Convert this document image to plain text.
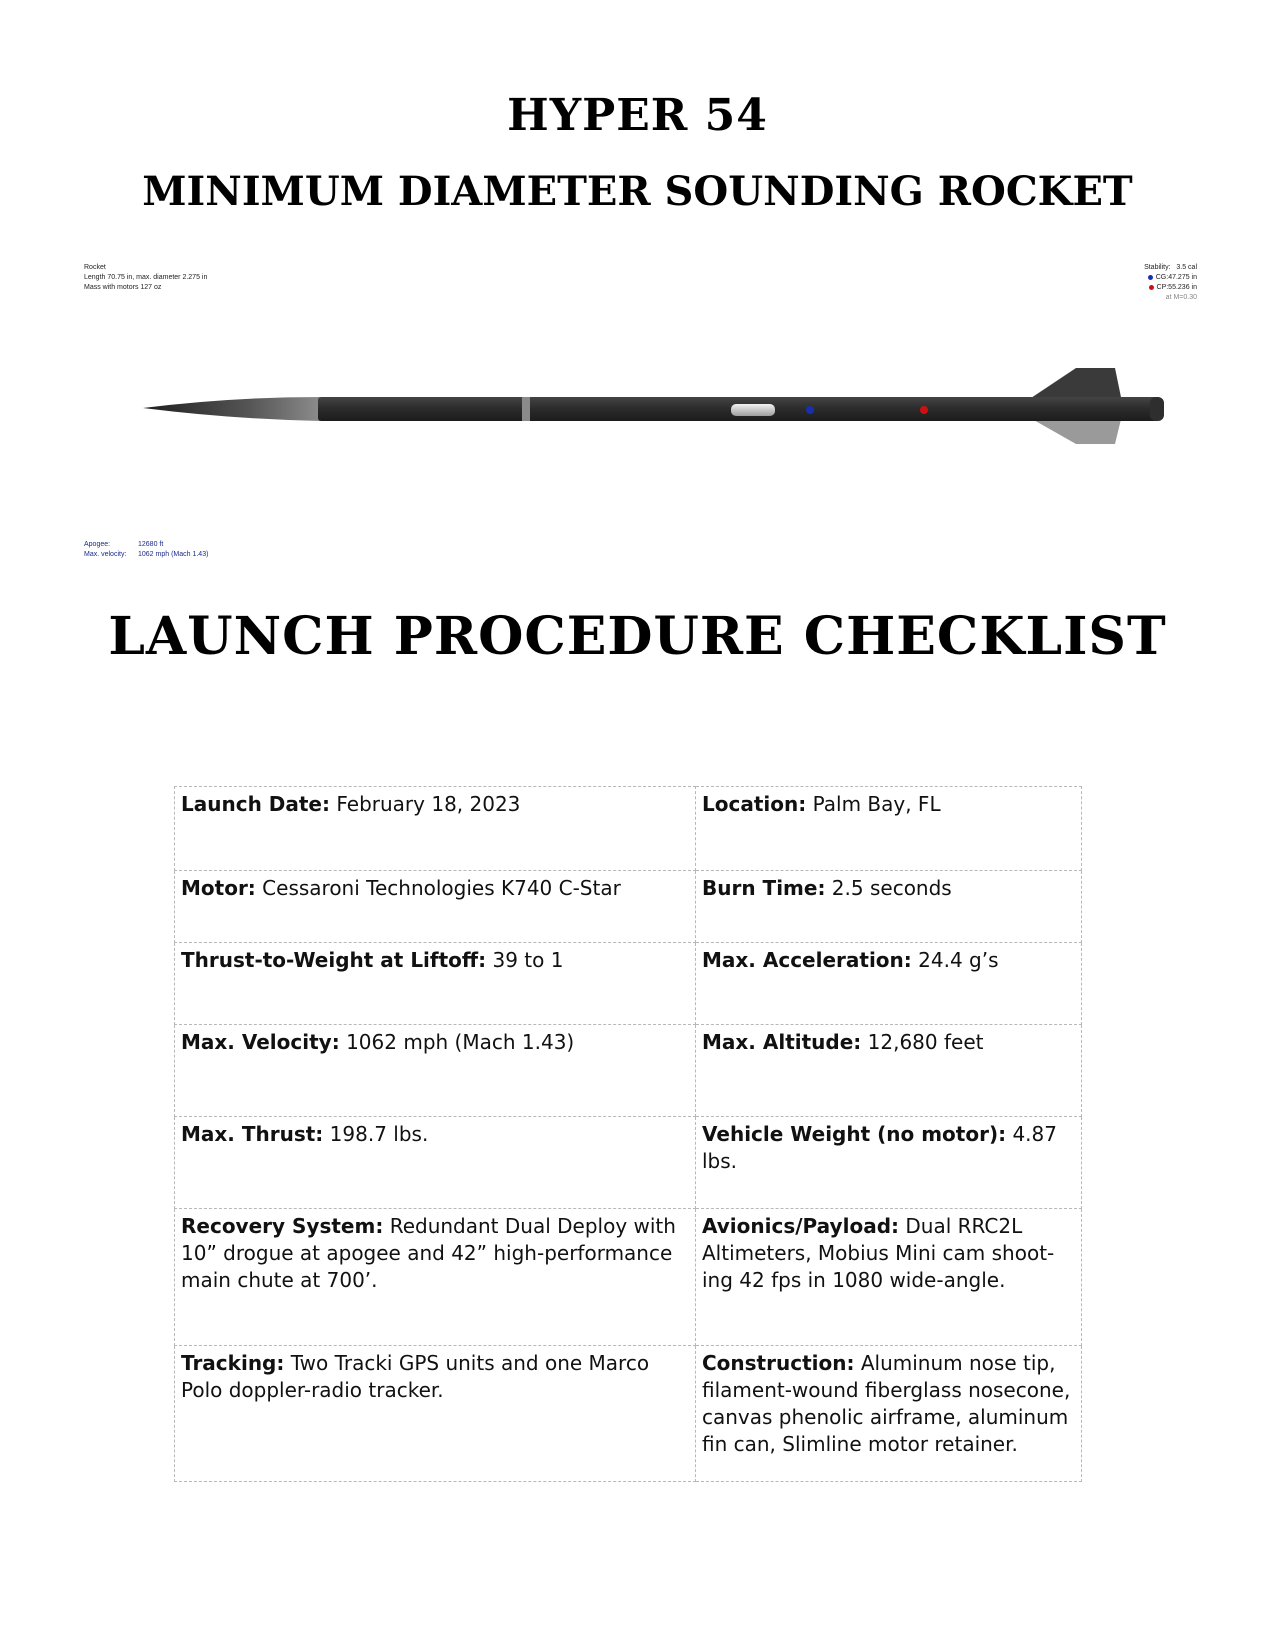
HYPER 54
MINIMUM DIAMETER SOUNDING ROCKET
Rocket
Length 70.75 in, max. diameter 2.275 in
Mass with motors 127 oz
Stability: 3.5 cal
CG:47.275 in
CP:55.236 in
at M=0.30
Apogee:	12680 ft
Max. velocity: 1062 mph (Mach 1.43)
LAUNCH PROCEDURE CHECKLIST
Launch Date: February 18, 2023	Location: Palm Bay, FL
Motor: Cessaroni Technologies K740 C-Star	Burn Time: 2.5 seconds
Thrust-to-Weight at Liftoff: 39 to 1	Max. Acceleration: 24.4 g’s
Max. Velocity: 1062 mph (Mach 1.43)	Max. Altitude: 12,680 feet
Max. Thrust: 198.7 lbs.	Vehicle Weight (no motor): 4.87 lbs.
Recovery System: Redundant Dual Deploy with 10” drogue at apogee and 42” high-performance main chute at 700’.	Avionics/Payload: Dual RRC2L Altimeters, Mobius Mini cam shoot-ing 42 fps in 1080 wide-angle.
Tracking: Two Tracki GPS units and one Marco Polo doppler-radio tracker.	Construction: Aluminum nose tip, filament-wound fiberglass nosecone, canvas phenolic airframe, aluminum fin can, Slimline motor retainer.
